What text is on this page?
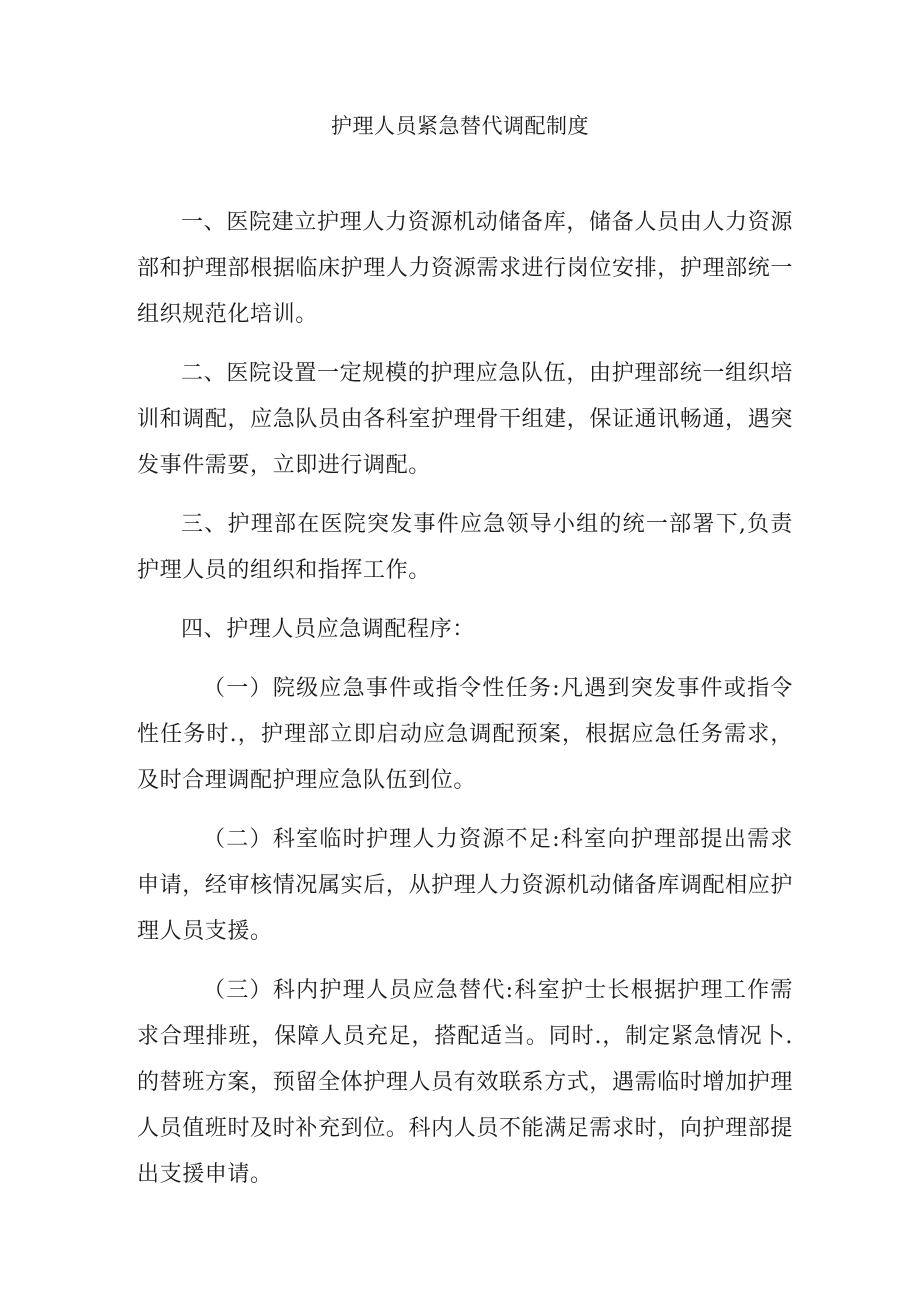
护理人员紧急替代调配制度

一、医院建立护理人力资源机动储备库，储备人员由人力资源部和护理部根据临床护理人力资源需求进行岗位安排，护理部统一组织规范化培训。

二、医院设置一定规模的护理应急队伍，由护理部统一组织培训和调配，应急队员由各科室护理骨干组建，保证通讯畅通，遇突发事件需要，立即进行调配。

三、护理部在医院突发事件应急领导小组的统一部署下,负责护理人员的组织和指挥工作。

四、护理人员应急调配程序：

（一）院级应急事件或指令性任务:凡遇到突发事件或指令性任务时.，护理部立即启动应急调配预案，根据应急任务需求，及时合理调配护理应急队伍到位。

（二）科室临时护理人力资源不足:科室向护理部提出需求申请，经审核情况属实后，从护理人力资源机动储备库调配相应护理人员支援。

（三）科内护理人员应急替代:科室护士长根据护理工作需求合理排班，保障人员充足，搭配适当。同时.，制定紧急情况卜.的替班方案，预留全体护理人员有效联系方式，遇需临时增加护理人员值班时及时补充到位。科内人员不能满足需求时，向护理部提出支援申请。
